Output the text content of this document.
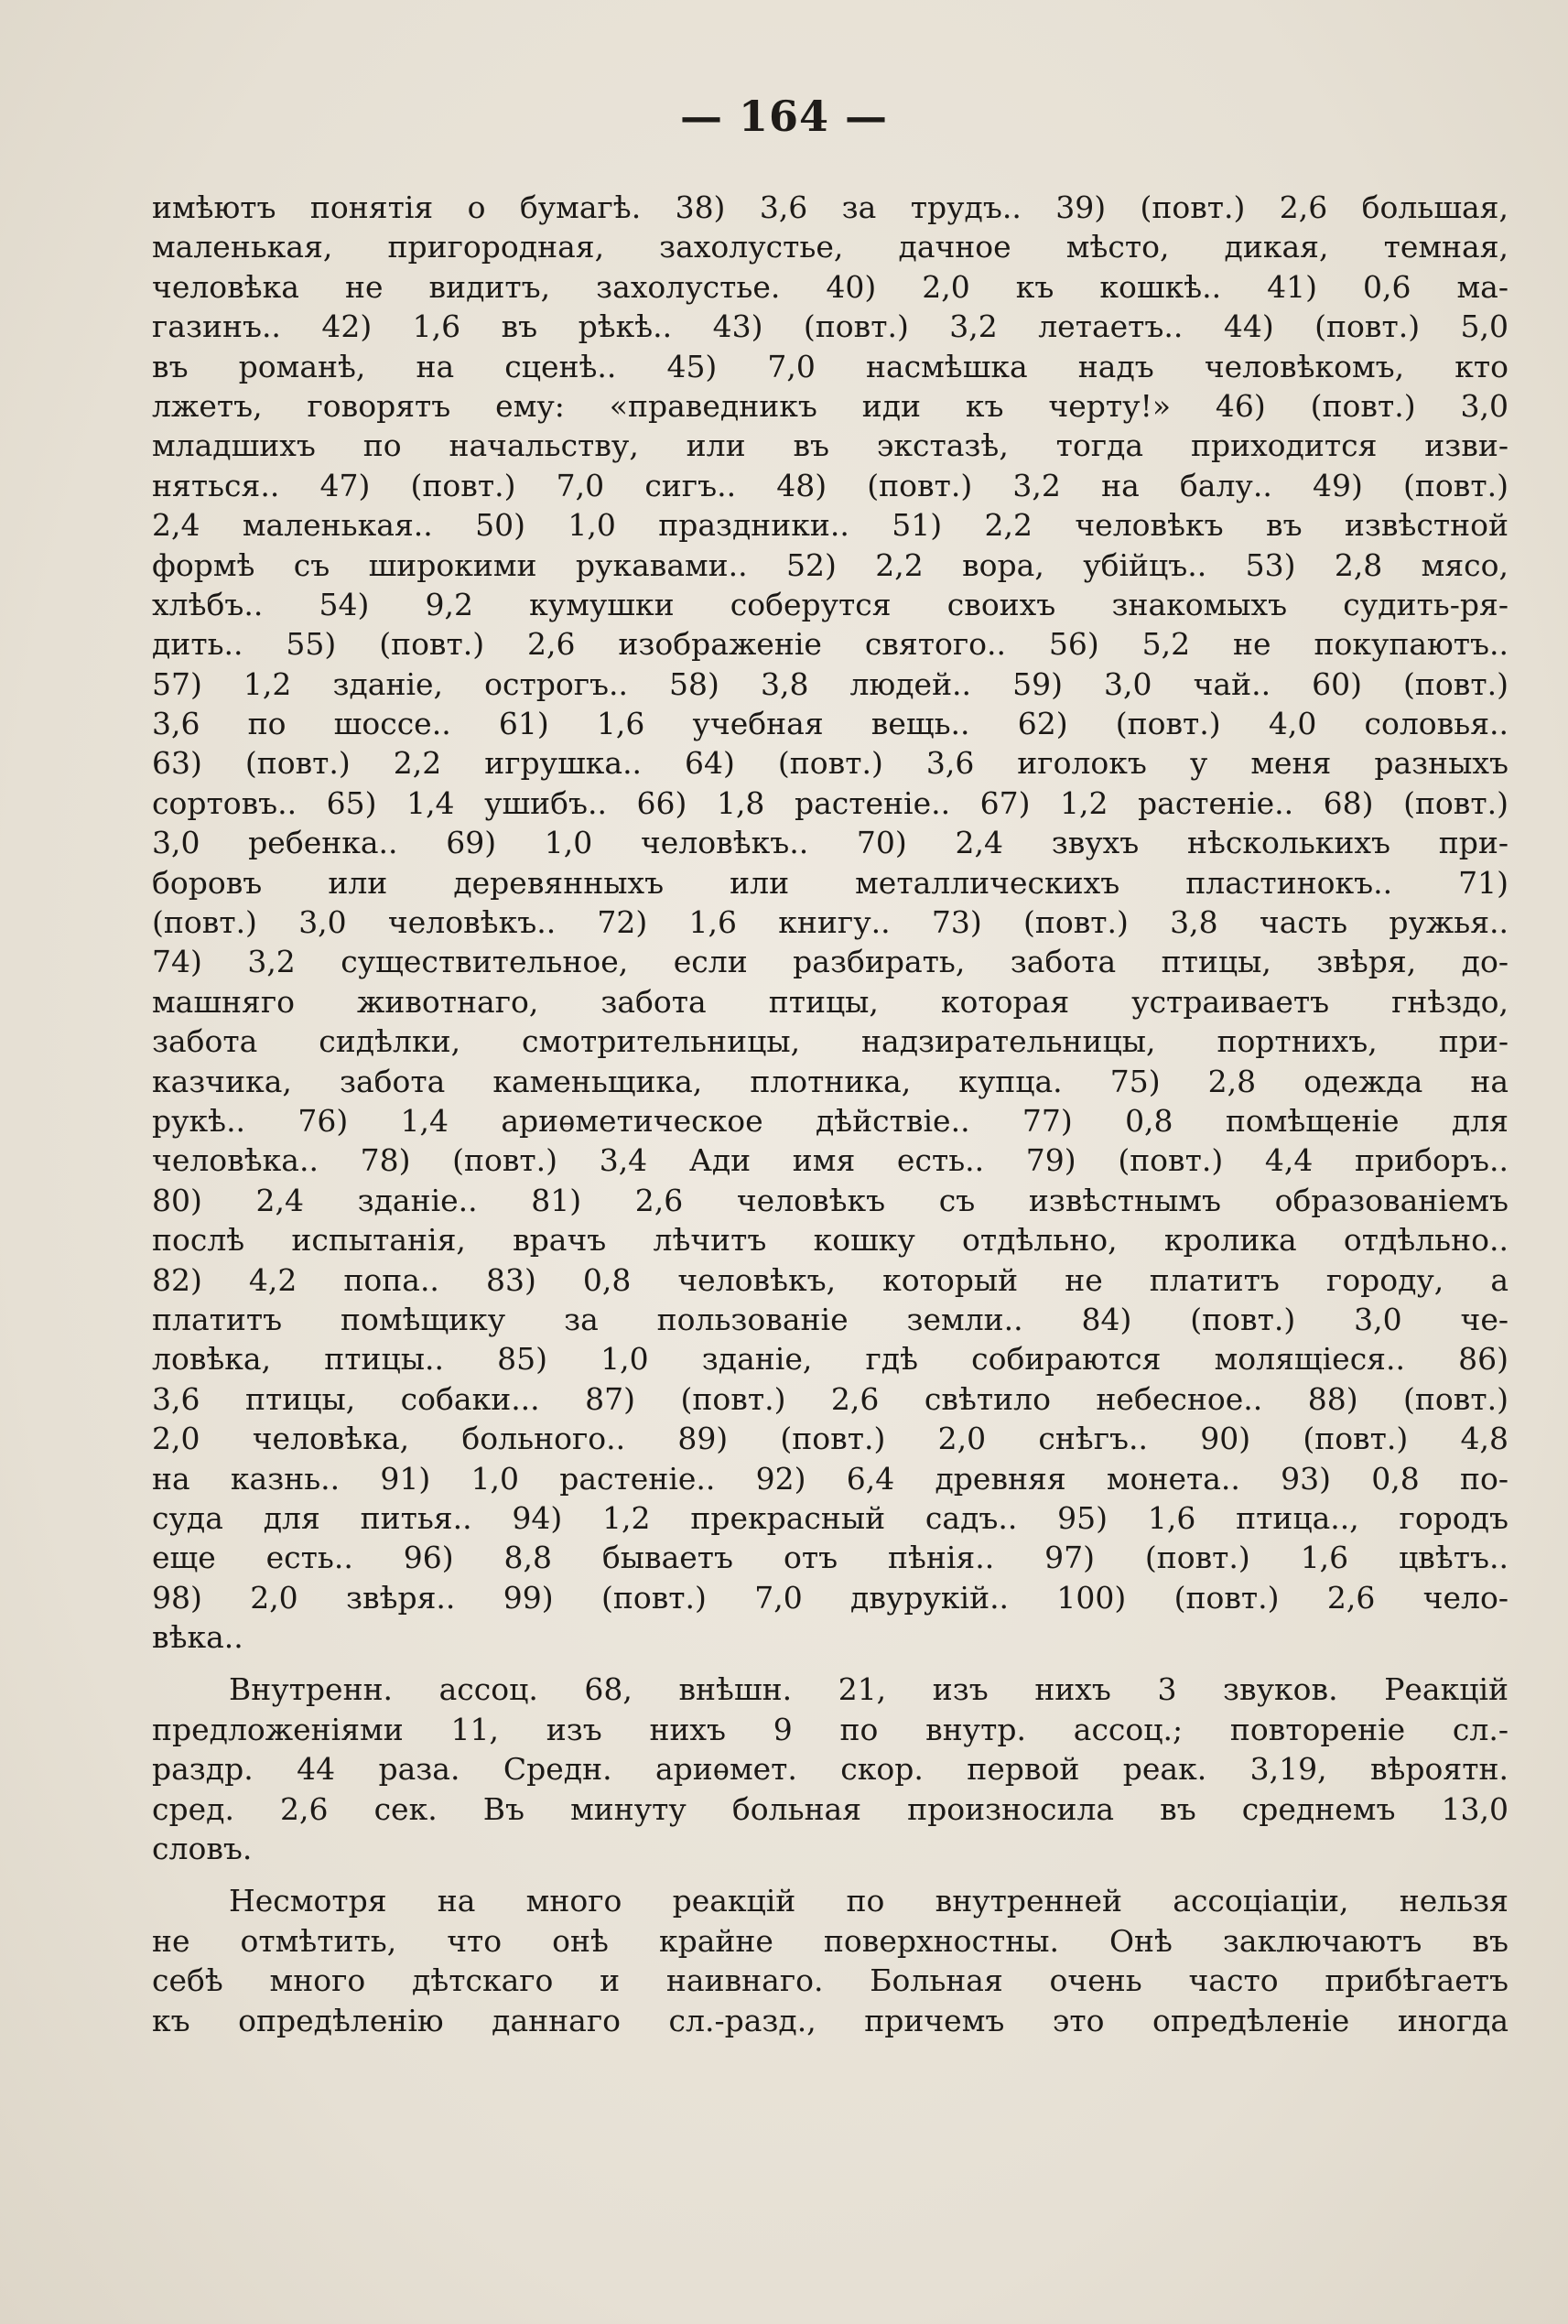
— 164 —
имѣютъ понятія о бумагѣ. 38) 3,6 за трудъ.. 39) (повт.) 2,6 большая,
маленькая, пригородная, захолустье, дачное мѣсто, дикая, темная,
человѣка не видитъ, захолустье. 40) 2,0 къ кошкѣ.. 41) 0,6 ма-
газинъ.. 42) 1,6 въ рѣкѣ.. 43) (повт.) 3,2 летаетъ.. 44) (повт.) 5,0
въ романѣ, на сценѣ.. 45) 7,0 насмѣшка надъ человѣкомъ, кто
лжетъ, говорятъ ему: «праведникъ иди къ черту!» 46) (повт.) 3,0
младшихъ по начальству, или въ экстазѣ, тогда приходится изви-
няться.. 47) (повт.) 7,0 сигъ.. 48) (повт.) 3,2 на балу.. 49) (повт.)
2,4 маленькая.. 50) 1,0 праздники.. 51) 2,2 человѣкъ въ извѣстной
формѣ съ широкими рукавами.. 52) 2,2 вора, убійцъ.. 53) 2,8 мясо,
хлѣбъ.. 54) 9,2 кумушки соберутся своихъ знакомыхъ судить-ря-
дить.. 55) (повт.) 2,6 изображеніе святого.. 56) 5,2 не покупаютъ..
57) 1,2 зданіе, острогъ.. 58) 3,8 людей.. 59) 3,0 чай.. 60) (повт.)
3,6 по шоссе.. 61) 1,6 учебная вещь.. 62) (повт.) 4,0 соловья..
63) (повт.) 2,2 игрушка.. 64) (повт.) 3,6 иголокъ у меня разныхъ
сортовъ.. 65) 1,4 ушибъ.. 66) 1,8 растеніе.. 67) 1,2 растеніе.. 68) (повт.)
3,0 ребенка.. 69) 1,0 человѣкъ.. 70) 2,4 звухъ нѣсколькихъ при-
боровъ или деревянныхъ или металлическихъ пластинокъ.. 71)
(повт.) 3,0 человѣкъ.. 72) 1,6 книгу.. 73) (повт.) 3,8 часть ружья..
74) 3,2 существительное, если разбирать, забота птицы, звѣря, до-
машняго животнаго, забота птицы, которая устраиваетъ гнѣздо,
забота сидѣлки, смотрительницы, надзирательницы, портнихъ, при-
казчика, забота каменьщика, плотника, купца. 75) 2,8 одежда на
рукѣ.. 76) 1,4 ариѳметическое дѣйствіе.. 77) 0,8 помѣщеніе для
человѣка.. 78) (повт.) 3,4 Ади имя есть.. 79) (повт.) 4,4 приборъ..
80) 2,4 зданіе.. 81) 2,6 человѣкъ съ извѣстнымъ образованіемъ
послѣ испытанія, врачъ лѣчитъ кошку отдѣльно, кролика отдѣльно..
82) 4,2 попа.. 83) 0,8 человѣкъ, который не платитъ городу, а
платитъ помѣщику за пользованіе земли.. 84) (повт.) 3,0 че-
ловѣка, птицы.. 85) 1,0 зданіе, гдѣ собираются молящіеся.. 86)
3,6 птицы, собаки... 87) (повт.) 2,6 свѣтило небесное.. 88) (повт.)
2,0 человѣка, больного.. 89) (повт.) 2,0 снѣгъ.. 90) (повт.) 4,8
на казнь.. 91) 1,0 растеніе.. 92) 6,4 древняя монета.. 93) 0,8 по-
суда для питья.. 94) 1,2 прекрасный садъ.. 95) 1,6 птица.., городъ
еще есть.. 96) 8,8 бываетъ отъ пѣнія.. 97) (повт.) 1,6 цвѣтъ..
98) 2,0 звѣря.. 99) (повт.) 7,0 двурукій.. 100) (повт.) 2,6 чело-
вѣка..
Внутренн. ассоц. 68, внѣшн. 21, изъ нихъ 3 звуков. Реакцій
предложеніями 11, изъ нихъ 9 по внутр. ассоц.; повтореніе сл.-
раздр. 44 раза. Средн. ариѳмет. скор. первой реак. 3,19, вѣроятн.
сред. 2,6 сек. Въ минуту больная произносила въ среднемъ 13,0
словъ.
Несмотря на много реакцій по внутренней ассоціаціи, нельзя
не отмѣтить, что онѣ крайне поверхностны. Онѣ заключаютъ въ
себѣ много дѣтскаго и наивнаго. Больная очень часто прибѣгаетъ
къ опредѣленію даннаго сл.-разд., причемъ это опредѣленіе иногда
